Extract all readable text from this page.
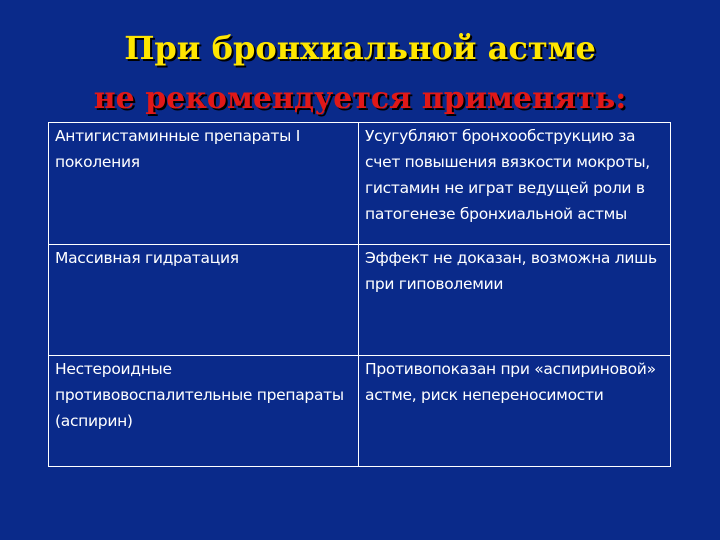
При бронхиальной астме
не рекомендуется применять:
Антигистаминные препараты I поколения	Усугубляют бронхообструкцию за счет повышения вязкости мокроты, гистамин не играт ведущей роли в патогенезе бронхиальной астмы
Массивная гидратация	Эффект не доказан, возможна лишь при гиповолемии
Нестероидные противовоспалительные препараты (аспирин)	Противопоказан при «аспириновой» астме, риск непереносимости
